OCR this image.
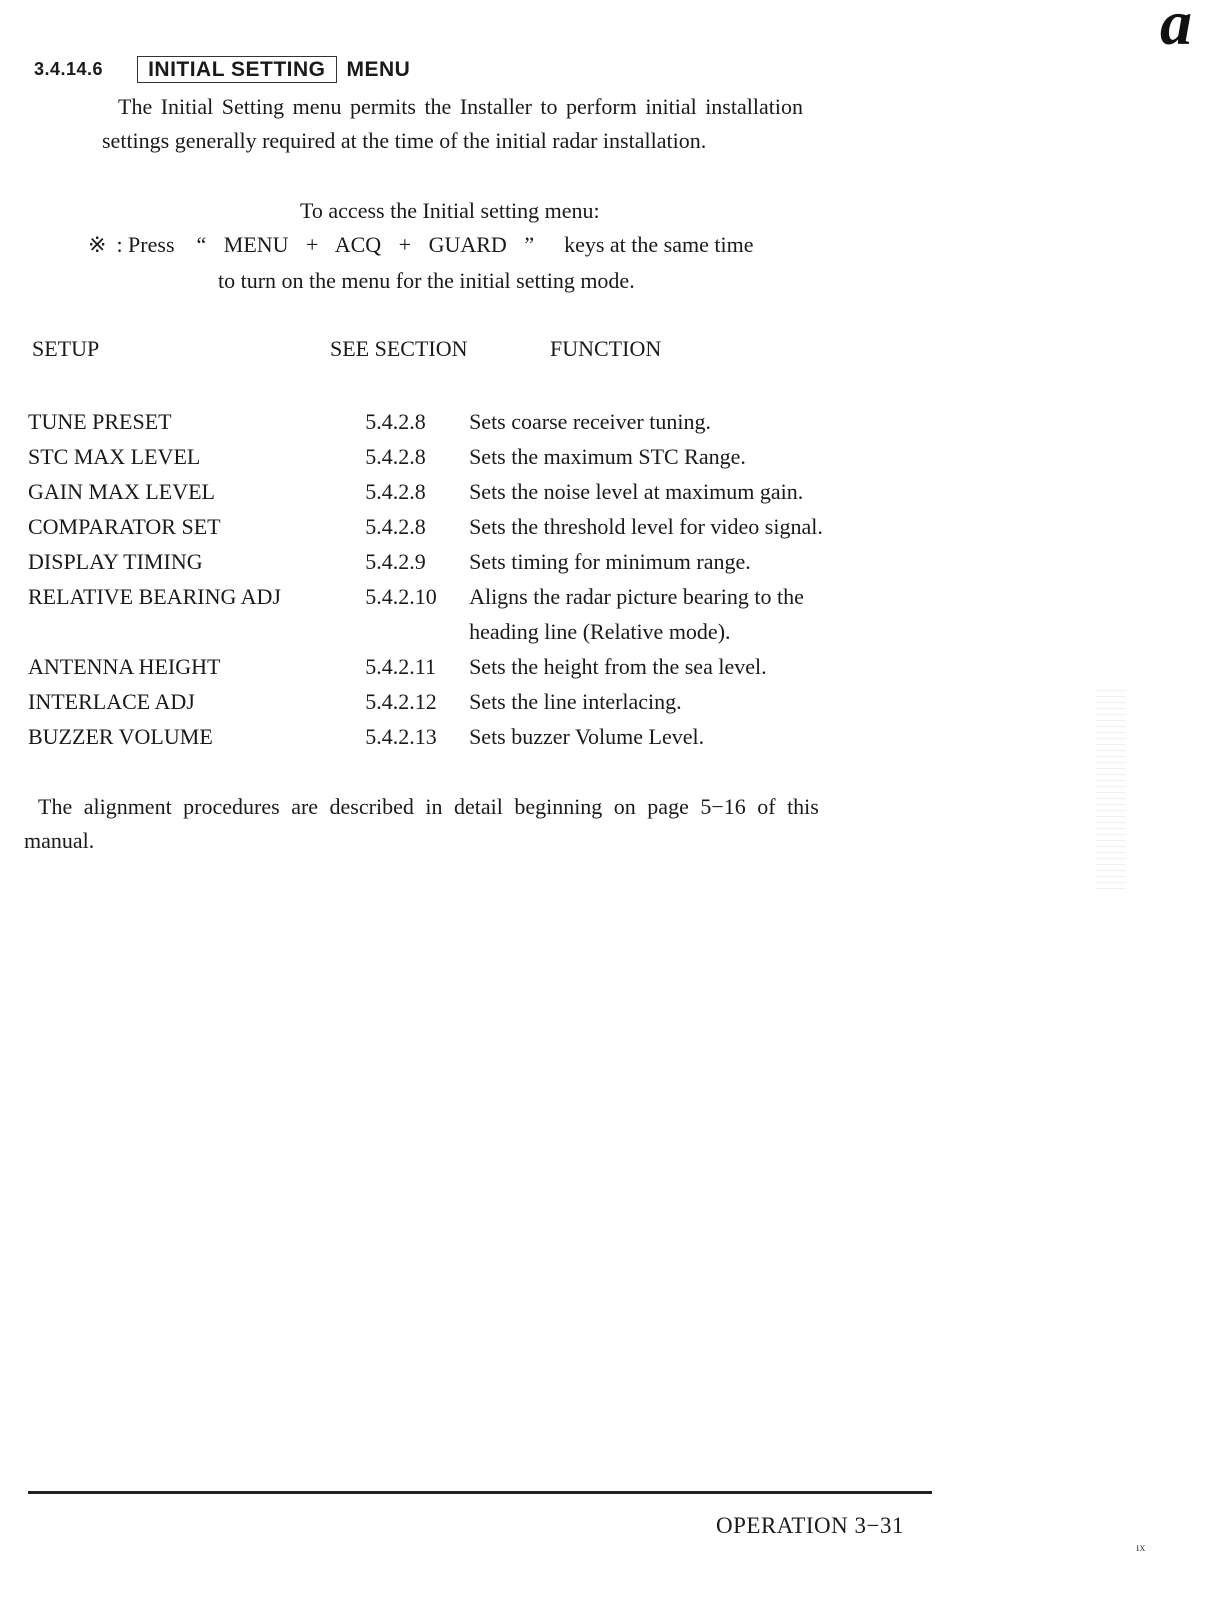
a
3.4.14.6	INITIAL SETTING	MENU

The Initial Setting menu permits the Installer to perform initial installation

settings generally required at the time of the initial radar installation.

To access the Initial setting menu:
※ : Press “ MENU + ACQ + GUARD ” keys at the same time
to turn on the menu for the initial setting mode.
SETUP	SEE SECTION	FUNCTION
TUNE PRESET	5.4.2.8	Sets coarse receiver tuning.
STC MAX LEVEL	5.4.2.8	Sets the maximum STC Range.
GAIN MAX LEVEL	5.4.2.8	Sets the noise level at maximum gain.
COMPARATOR SET	5.4.2.8	Sets the threshold level for video signal.
DISPLAY TIMING	5.4.2.9	Sets timing for minimum range.
RELATIVE BEARING ADJ	5.4.2.10	Aligns the radar picture bearing to the
heading line (Relative mode).
ANTENNA HEIGHT	5.4.2.11	Sets the height from the sea level.
INTERLACE ADJ	5.4.2.12	Sets the line interlacing.
BUZZER VOLUME	5.4.2.13	Sets buzzer Volume Level.

The alignment procedures are described in detail beginning on page 5−16 of this

manual.

OPERATION 3−31
ıx
